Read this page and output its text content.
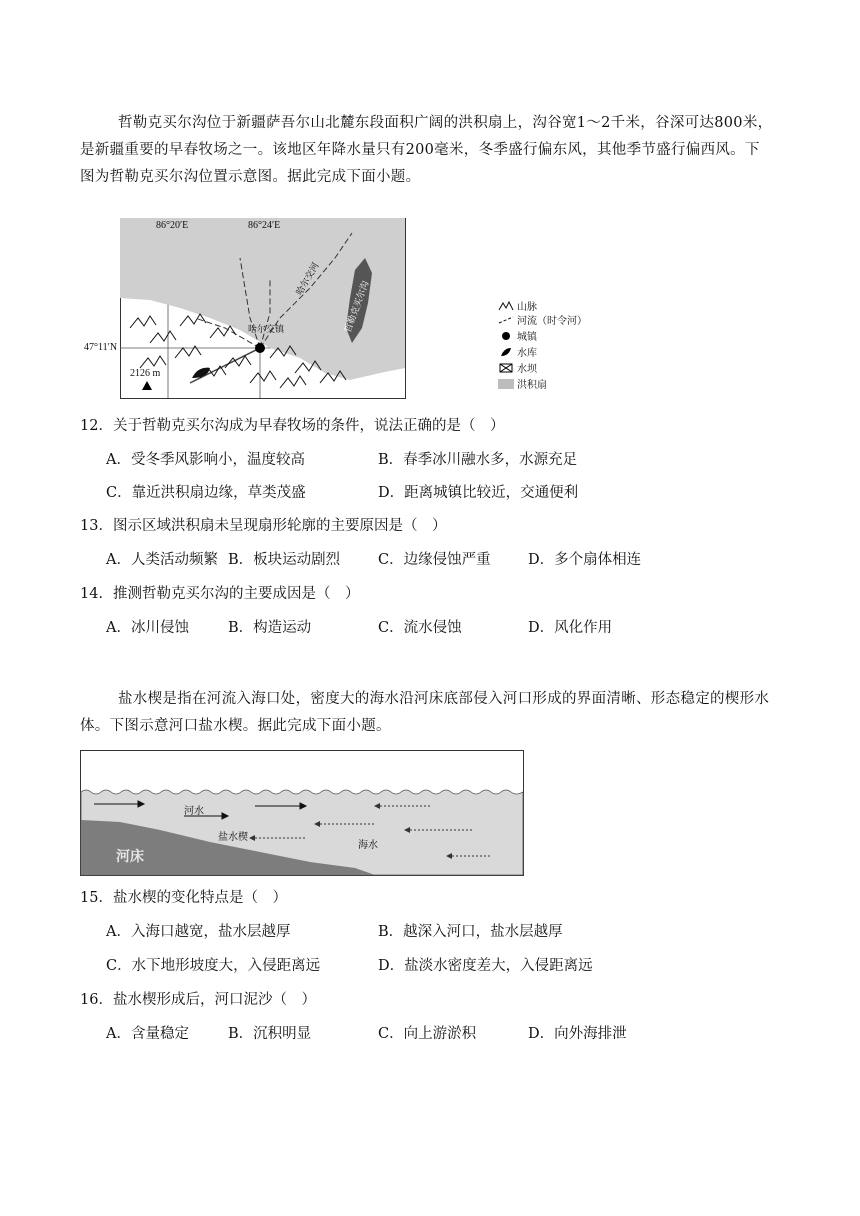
哲勒克买尔沟位于新疆萨吾尔山北麓东段面积广阔的洪积扇上，沟谷宽1～2千米，谷深可达800米，
是新疆重要的早春牧场之一。该地区年降水量只有200毫米，冬季盛行偏东风，其他季节盛行偏西风。下
图为哲勒克买尔沟位置示意图。据此完成下面小题。
86°20′E	86°24′E
47°11′N
2126 m
哈尔交镇
哈尔交河
哲勒克买尔沟	山脉
河流（时令河）
城镇
水库
水坝
洪积扇
12．关于哲勒克买尔沟成为早春牧场的条件，说法正确的是（　）
A．受冬季风影响小，温度较高	B．春季冰川融水多，水源充足
C．靠近洪积扇边缘，草类茂盛	D．距离城镇比较近，交通便利
13．图示区域洪积扇未呈现扇形轮廓的主要原因是（　）
A．人类活动频繁 B．板块运动剧烈	C．边缘侵蚀严重	D．多个扇体相连
14．推测哲勒克买尔沟的主要成因是（　）
A．冰川侵蚀	B．构造运动	C．流水侵蚀	D．风化作用
盐水楔是指在河流入海口处，密度大的海水沿河床底部侵入河口形成的界面清晰、形态稳定的楔形水
体。下图示意河口盐水楔。据此完成下面小题。
河水
盐水楔
海水
河床
15．盐水楔的变化特点是（　）
A．入海口越宽，盐水层越厚	B．越深入河口，盐水层越厚
C．水下地形坡度大，入侵距离远	D．盐淡水密度差大，入侵距离远
16．盐水楔形成后，河口泥沙（　）
A．含量稳定	B．沉积明显	C．向上游淤积	D．向外海排泄
